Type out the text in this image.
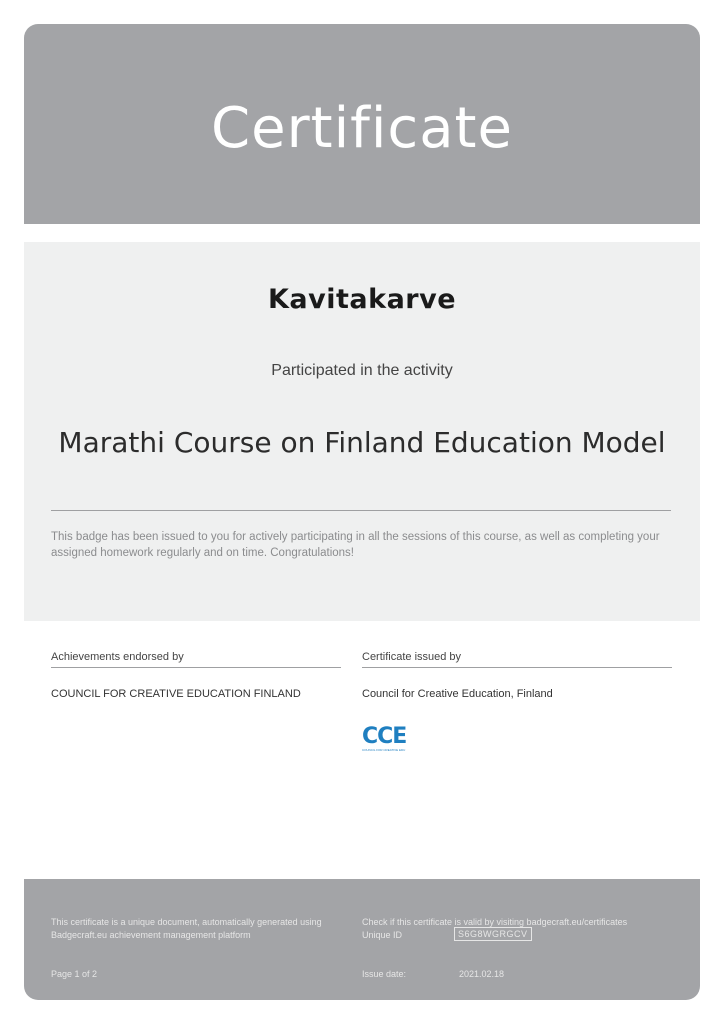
Certificate
Kavitakarve
Participated in the activity
Marathi Course on Finland Education Model
This badge has been issued to you for actively participating in all the sessions of this course, as well as completing your assigned homework regularly and on time. Congratulations!
Achievements endorsed by
COUNCIL FOR CREATIVE EDUCATION FINLAND
Certificate issued by
Council for Creative Education, Finland
CCE
COUNCIL FOR CREATIVE EDU
This certificate is a unique document, automatically generated using Badgecraft.eu achievement management platform
Check if this certificate is valid by visiting badgecraft.eu/certificates
Unique ID	S6G8WGRGCV
Page 1 of 2	Issue date:	2021.02.18
